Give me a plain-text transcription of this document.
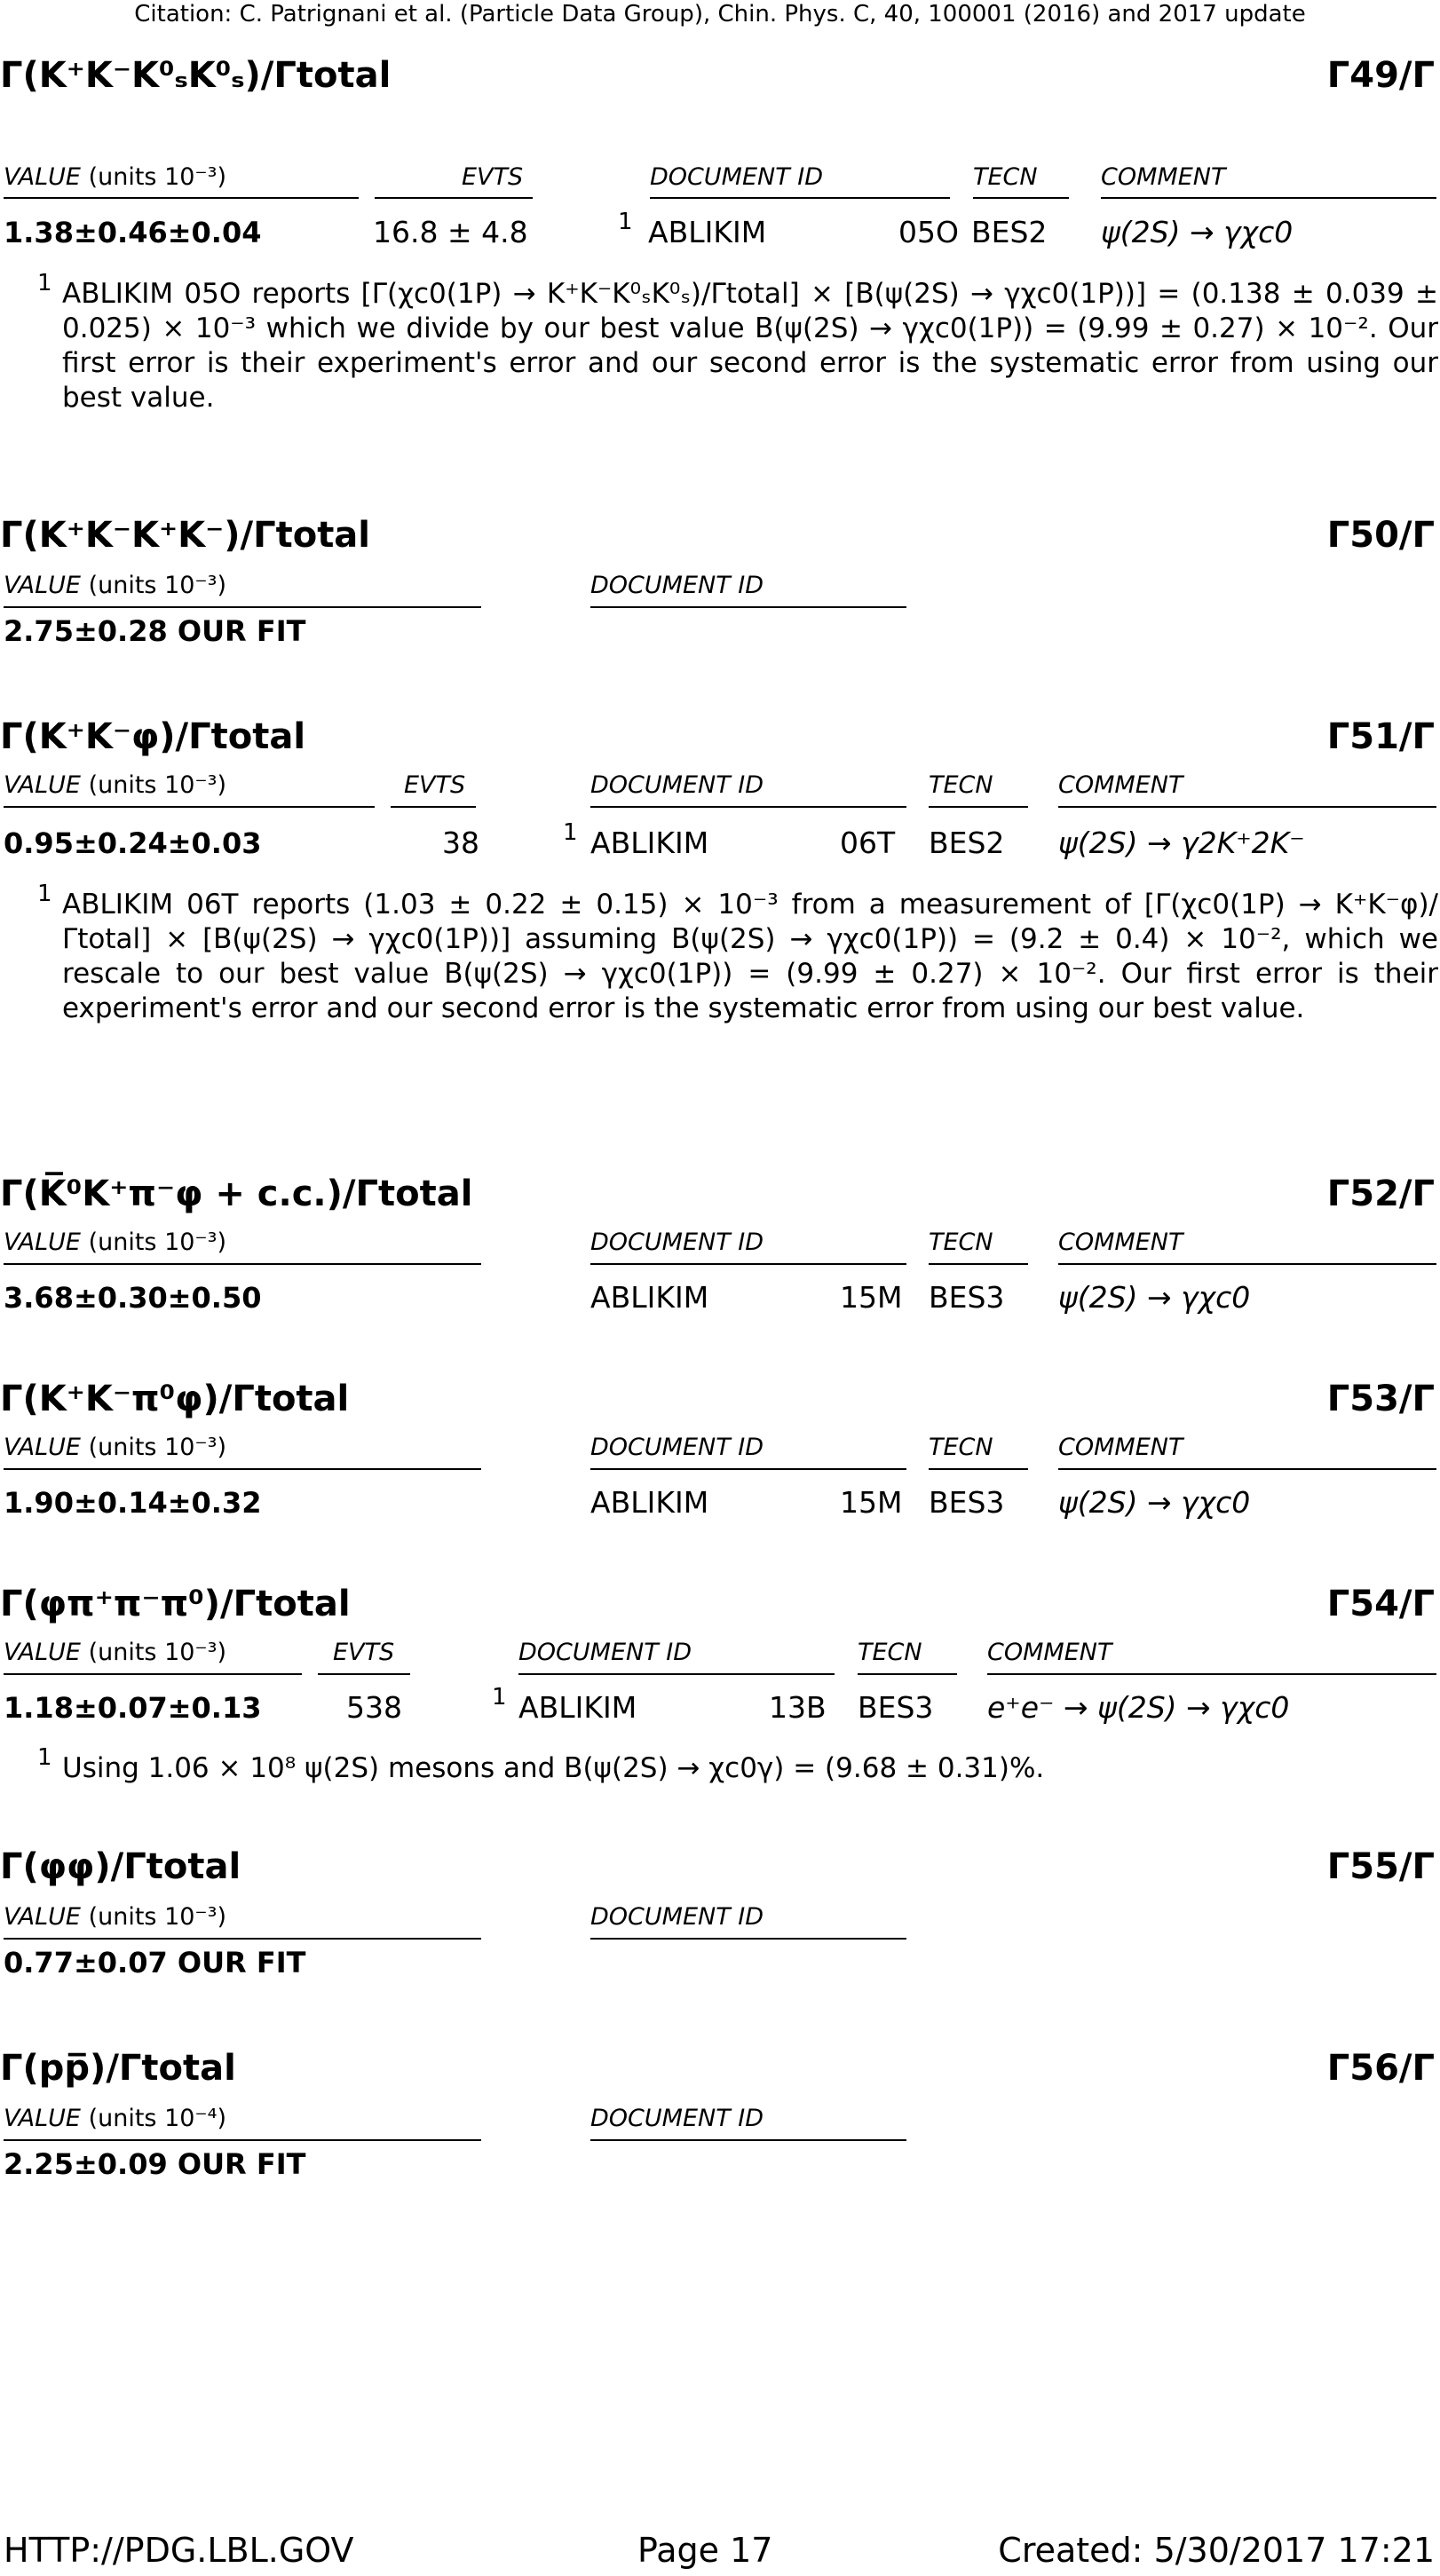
Citation: C. Patrignani et al. (Particle Data Group), Chin. Phys. C, 40, 100001 (2016) and 2017 update
Γ(K⁺K⁻K⁰ₛK⁰ₛ)/Γtotal	Γ49/Γ
VALUE (units 10⁻³)	EVTS	DOCUMENT ID	TECN	COMMENT
1.38±0.46±0.04	16.8 ± 4.8	1 ABLIKIM	05O BES2 ψ(2S) → γχc0
1 ABLIKIM 05O reports [Γ(χc0(1P) → K⁺K⁻K⁰ₛK⁰ₛ)/Γtotal] × [B(ψ(2S) → γχc0(1P))] = (0.138 ± 0.039 ± 0.025) × 10⁻³ which we divide by our best value B(ψ(2S) → γχc0(1P)) = (9.99 ± 0.27) × 10⁻². Our first error is their experiment's error and our second error is the systematic error from using our best value.

Γ(K⁺K⁻K⁺K⁻)/Γtotal	Γ50/Γ
VALUE (units 10⁻³)	DOCUMENT ID
2.75±0.28 OUR FIT
Γ(K⁺K⁻φ)/Γtotal	Γ51/Γ
VALUE (units 10⁻³)	EVTS	DOCUMENT ID	TECN	COMMENT
0.95±0.24±0.03	38	1 ABLIKIM	06T BES2 ψ(2S) → γ2K⁺2K⁻
1 ABLIKIM 06T reports (1.03 ± 0.22 ± 0.15) × 10⁻³ from a measurement of [Γ(χc0(1P) → K⁺K⁻φ)/Γtotal] × [B(ψ(2S) → γχc0(1P))] assuming B(ψ(2S) → γχc0(1P)) = (9.2 ± 0.4) × 10⁻², which we rescale to our best value B(ψ(2S) → γχc0(1P)) = (9.99 ± 0.27) × 10⁻². Our first error is their experiment's error and our second error is the systematic error from using our best value.

Γ(K̅⁰K⁺π⁻φ + c.c.)/Γtotal	Γ52/Γ
VALUE (units 10⁻³)	DOCUMENT ID	TECN	COMMENT
3.68±0.30±0.50	ABLIKIM	15M BES3 ψ(2S) → γχc0
Γ(K⁺K⁻π⁰φ)/Γtotal	Γ53/Γ
VALUE (units 10⁻³)	DOCUMENT ID	TECN	COMMENT
1.90±0.14±0.32	ABLIKIM	15M BES3 ψ(2S) → γχc0
Γ(φπ⁺π⁻π⁰)/Γtotal	Γ54/Γ
VALUE (units 10⁻³)	EVTS	DOCUMENT ID	TECN	COMMENT
1.18±0.07±0.13	538	1 ABLIKIM	13B BES3 e⁺e⁻ → ψ(2S) → γχc0
1 Using 1.06 × 10⁸ ψ(2S) mesons and B(ψ(2S) → χc0γ) = (9.68 ± 0.31)%.

Γ(φφ)/Γtotal	Γ55/Γ
VALUE (units 10⁻³)	DOCUMENT ID
0.77±0.07 OUR FIT
Γ(pp̅)/Γtotal	Γ56/Γ
VALUE (units 10⁻⁴)	DOCUMENT ID
2.25±0.09 OUR FIT
HTTP://PDG.LBL.GOV	Page 17	Created: 5/30/2017 17:21
